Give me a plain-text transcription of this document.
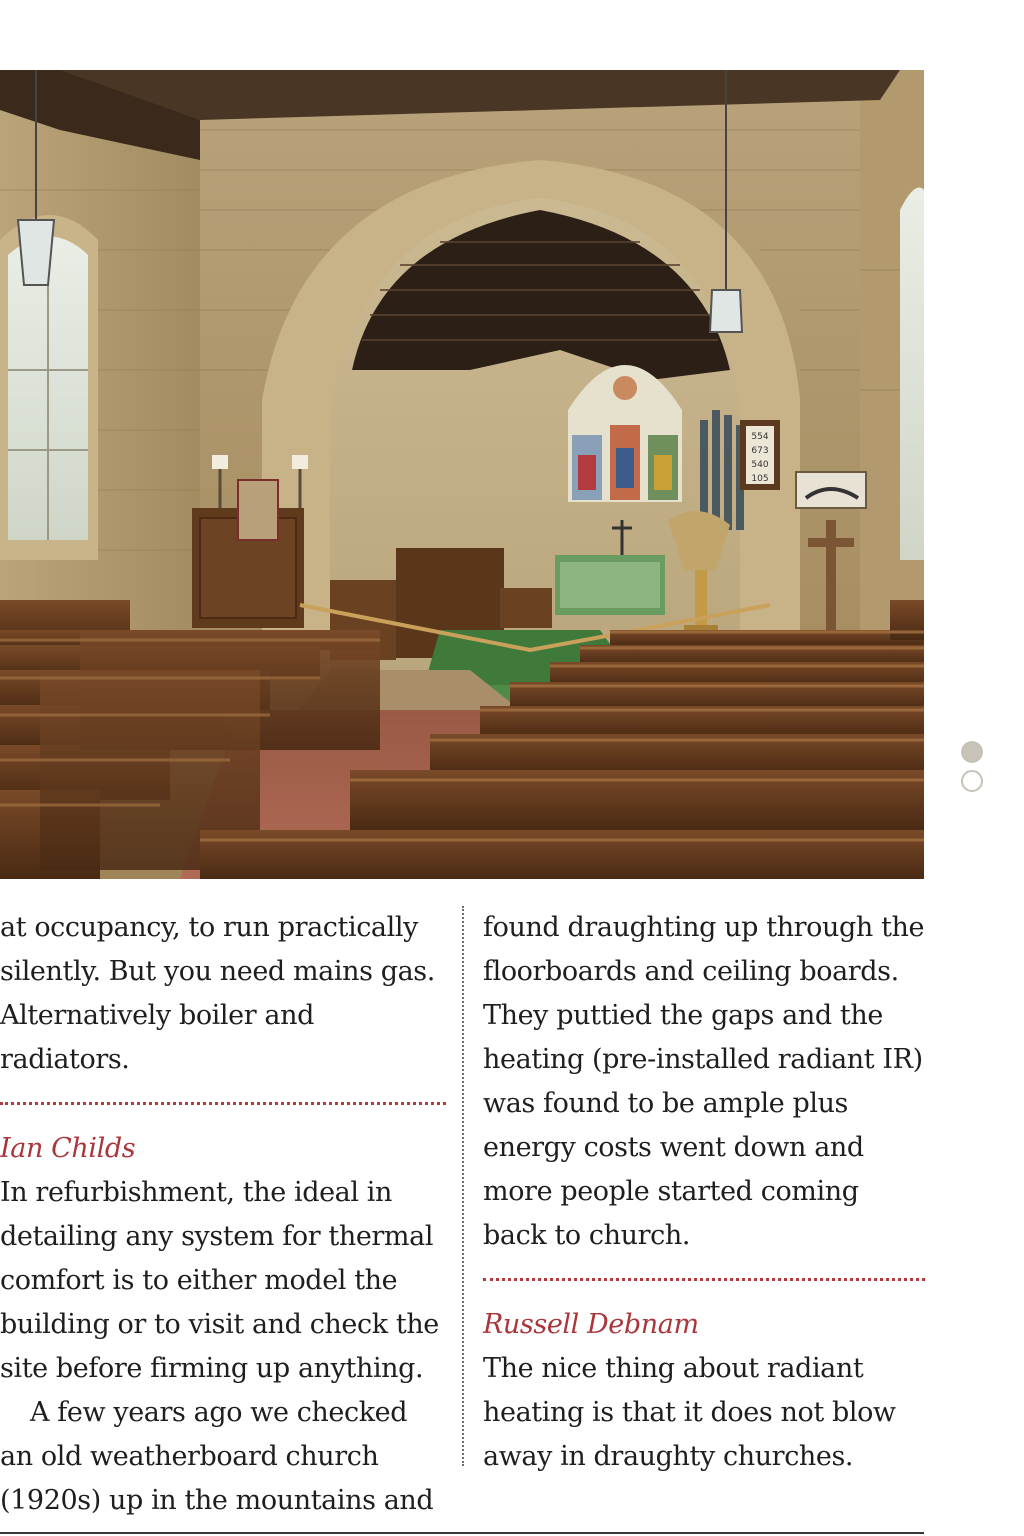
554
673
540
105

at occupancy, to run practically silently. But you need mains gas. Alternatively boiler and radiators.

Ian Childs

In refurbishment, the ideal in detailing any system for thermal comfort is to either model the building or to visit and check the site before firming up anything.

A few years ago we checked an old weatherboard church (1920s) up in the mountains and

found draughting up through the floorboards and ceiling boards. They puttied the gaps and the heating (pre-installed radiant IR) was found to be ample plus energy costs went down and more people started coming back to church.

Russell Debnam

The nice thing about radiant heating is that it does not blow away in draughty churches.
